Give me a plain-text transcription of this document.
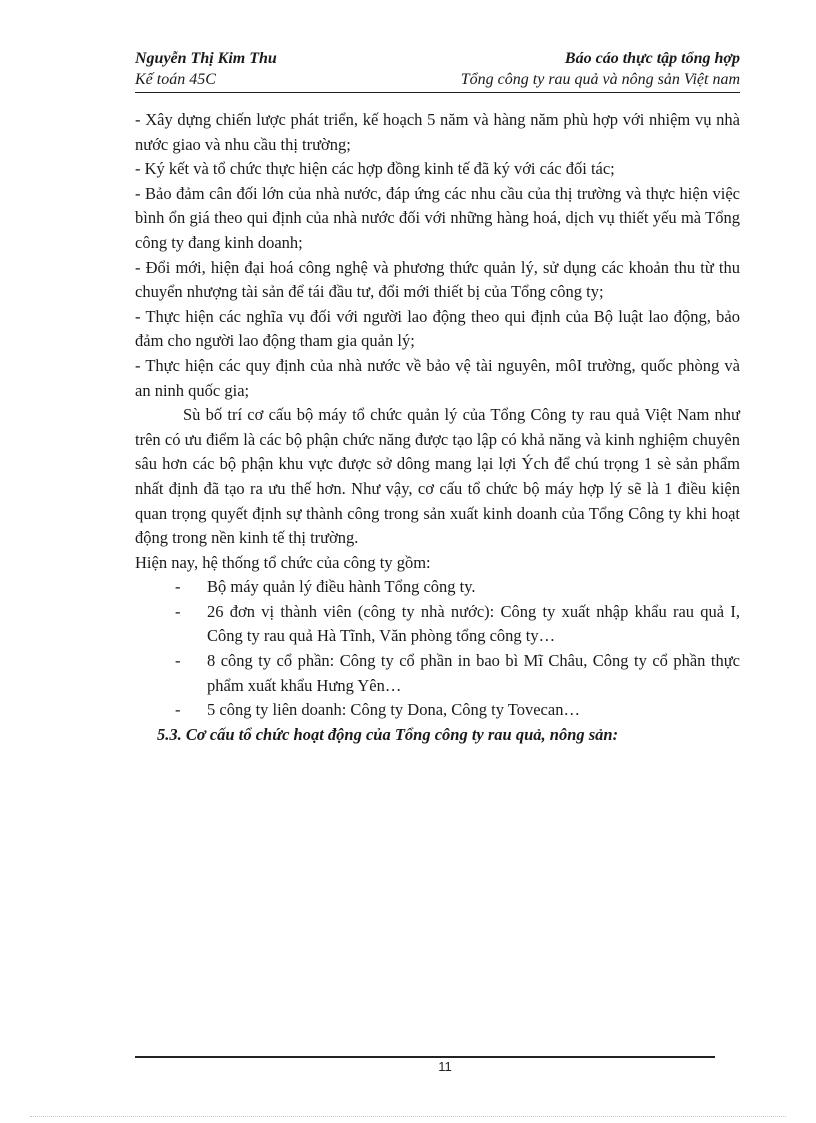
Nguyễn Thị Kim Thu	Báo cáo thực tập tổng hợp
Kế toán 45C	Tổng công ty rau quả và nông sản Việt nam

- Xây dựng chiến lược phát triển, kế hoạch 5 năm và hàng năm phù hợp với nhiệm vụ nhà nước giao và nhu cầu thị trường;

- Ký kết và tổ chức thực hiện các hợp đồng kinh tế đã ký với các đối tác;

- Bảo đảm cân đối lớn của nhà nước, đáp ứng các nhu cầu của thị trường và thực hiện việc bình ổn giá theo qui định của nhà nước đối với những hàng hoá, dịch vụ thiết yếu mà Tổng công ty đang kinh doanh;

- Đổi mới, hiện đại hoá công nghệ và phương thức quản lý, sử dụng các khoản thu từ thu chuyển nhượng tài sản để tái đầu tư, đổi mới thiết bị của Tổng công ty;

- Thực hiện các nghĩa vụ đối với người lao động theo qui định của Bộ luật lao động, bảo đảm cho người lao động tham gia quản lý;

- Thực hiện các quy định của nhà nước về bảo vệ tài nguyên, môI trường, quốc phòng và an ninh quốc gia;

Sù bố trí cơ cấu bộ máy tổ chức quản lý của Tổng Công ty rau quả Việt Nam như trên có ưu điểm là các bộ phận chức năng được tạo lập có khả năng và kinh nghiệm chuyên sâu hơn các bộ phận khu vực được sở dông mang lại lợi Ých để chú trọng 1 sè sản phẩm nhất định đã tạo ra ưu thế hơn. Như vậy, cơ cấu tổ chức bộ máy hợp lý sẽ là 1 điều kiện quan trọng quyết định sự thành công trong sản xuất kinh doanh của Tổng Công ty khi hoạt động trong nền kinh tế thị trường.

Hiện nay, hệ thống tổ chức của công ty gồm:

- Bộ máy quản lý điều hành Tổng công ty.
- 26 đơn vị thành viên (công ty nhà nước): Công ty xuất nhập khẩu rau quả I, Công ty rau quả Hà Tĩnh, Văn phòng tổng công ty…
- 8 công ty cổ phần: Công ty cổ phần in bao bì Mĩ Châu, Công ty cổ phần thực phẩm xuất khẩu Hưng Yên…
- 5 công ty liên doanh: Công ty Dona, Công ty Tovecan…

5.3. Cơ cấu tổ chức hoạt động của Tổng công ty rau quả, nông sản:

11
